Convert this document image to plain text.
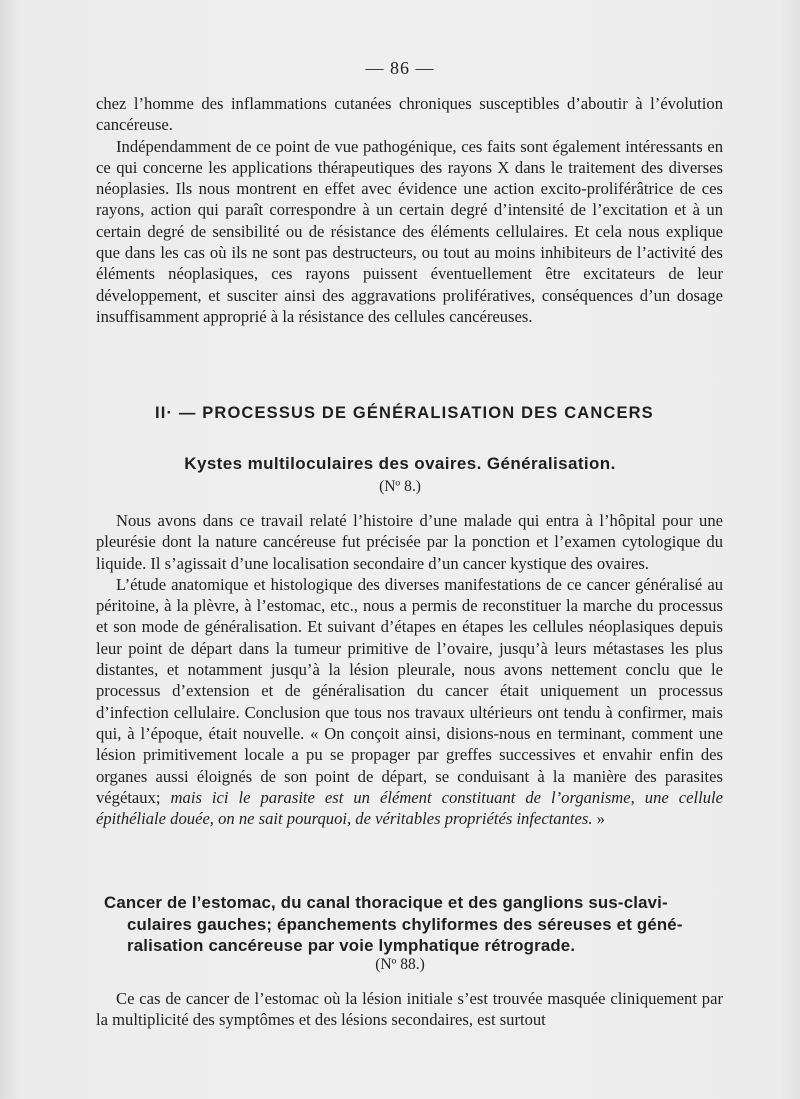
— 86 —

chez l’homme des inflammations cutanées chroniques susceptibles d’aboutir à l’évolution cancéreuse.

Indépendamment de ce point de vue pathogénique, ces faits sont également intéressants en ce qui concerne les applications thérapeutiques des rayons X dans le traitement des diverses néoplasies. Ils nous montrent en effet avec évidence une action excito-proliférâtrice de ces rayons, action qui paraît correspondre à un certain degré d’intensité de l’excitation et à un certain degré de sensibilité ou de résistance des éléments cellulaires. Et cela nous explique que dans les cas où ils ne sont pas destructeurs, ou tout au moins inhibiteurs de l’activité des éléments néoplasiques, ces rayons puissent éventuellement être excitateurs de leur développement, et susciter ainsi des aggravations prolifératives, conséquences d’un dosage insuffisamment approprié à la résistance des cellules cancéreuses.

II· — PROCESSUS DE GÉNÉRALISATION DES CANCERS
Kystes multiloculaires des ovaires. Généralisation.
(Nº 8.)

Nous avons dans ce travail relaté l’histoire d’une malade qui entra à l’hôpital pour une pleurésie dont la nature cancéreuse fut précisée par la ponction et l’examen cytologique du liquide. Il s’agissait d’une localisation secondaire d’un cancer kystique des ovaires.

L’étude anatomique et histologique des diverses manifestations de ce cancer généralisé au péritoine, à la plèvre, à l’estomac, etc., nous a permis de reconstituer la marche du processus et son mode de généralisation. Et suivant d’étapes en étapes les cellules néoplasiques depuis leur point de départ dans la tumeur primitive de l’ovaire, jusqu’à leurs métastases les plus distantes, et notamment jusqu’à la lésion pleurale, nous avons nettement conclu que le processus d’extension et de généralisation du cancer était uniquement un processus d’infection cellulaire. Conclusion que tous nos travaux ultérieurs ont tendu à confirmer, mais qui, à l’époque, était nouvelle. « On conçoit ainsi, disions-nous en terminant, comment une lésion primitivement locale a pu se propager par greffes successives et envahir enfin des organes aussi éloignés de son point de départ, se conduisant à la manière des parasites végétaux; mais ici le parasite est un élément constituant de l’organisme, une cellule épithéliale douée, on ne sait pourquoi, de véritables propriétés infectantes. »

Cancer de l’estomac, du canal thoracique et des ganglions sus-clavi-
culaires gauches; épanchements chyliformes des séreuses et géné-
ralisation cancéreuse par voie lymphatique rétrograde.
(Nº 88.)

Ce cas de cancer de l’estomac où la lésion initiale s’est trouvée masquée cliniquement par la multiplicité des symptômes et des lésions secondaires, est surtout
